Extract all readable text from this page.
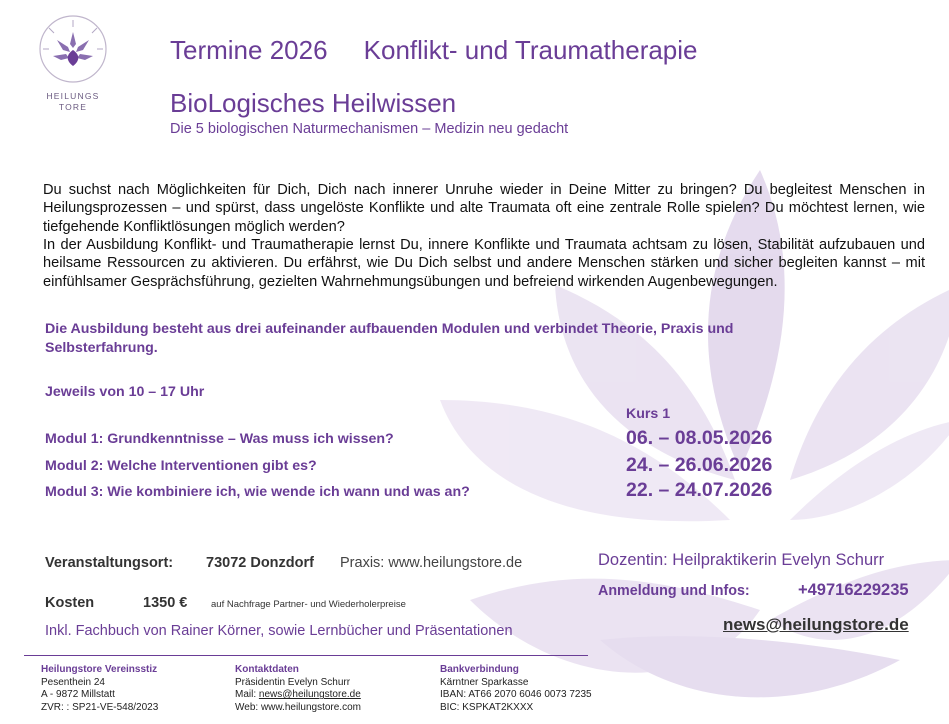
HEILUNGS
TORE
Termine 2026     Konflikt- und Traumatherapie
BioLogisches Heilwissen
Die 5 biologischen Naturmechanismen – Medizin neu gedacht
Du suchst nach Möglichkeiten für Dich, Dich nach innerer Unruhe wieder in Deine Mitter zu bringen? Du begleitest Menschen in Heilungsprozessen – und spürst, dass ungelöste Konflikte und alte Traumata oft eine zentrale Rolle spielen? Du möchtest lernen, wie tiefgehende Konfliktlösungen möglich werden?
In der Ausbildung Konflikt- und Traumatherapie lernst Du, innere Konflikte und Traumata achtsam zu lösen, Stabilität aufzubauen und heilsame Ressourcen zu aktivieren. Du erfährst, wie Du Dich selbst und andere Menschen stärken und sicher begleiten kannst – mit einfühlsamer Gesprächsführung, gezielten Wahrnehmungsübungen und befreiend wirkenden Augenbewegungen.
Die Ausbildung besteht aus drei aufeinander aufbauenden Modulen und verbindet Theorie, Praxis und Selbsterfahrung.
Jeweils von 10 – 17 Uhr
Kurs 1
Modul 1: Grundkenntnisse – Was muss ich wissen?	06. – 08.05.2026
Modul 2: Welche Interventionen gibt es?	24. – 26.06.2026
Modul 3: Wie kombiniere ich, wie wende ich wann und was an?	22. – 24.07.2026
Veranstaltungsort: 73072 Donzdorf Praxis: www.heilungstore.de
Kosten	1350 € auf Nachfrage Partner- und Wiederholerpreise
Inkl. Fachbuch von Rainer Körner, sowie Lernbücher und Präsentationen
Dozentin: Heilpraktikerin Evelyn Schurr
Anmeldung und Infos:	+49716229235
news@heilungstore.de
Heilungstore Vereinsstiz
Pesenthein 24
A - 9872 Millstatt
ZVR: : SP21-VE-548/2023
Kontaktdaten
Präsidentin Evelyn Schurr
Mail: news@heilungstore.de
Web: www.heilungstore.com
Bankverbindung
Kärntner Sparkasse
IBAN: AT66 2070 6046 0073 7235
BIC: KSPKAT2KXXX
